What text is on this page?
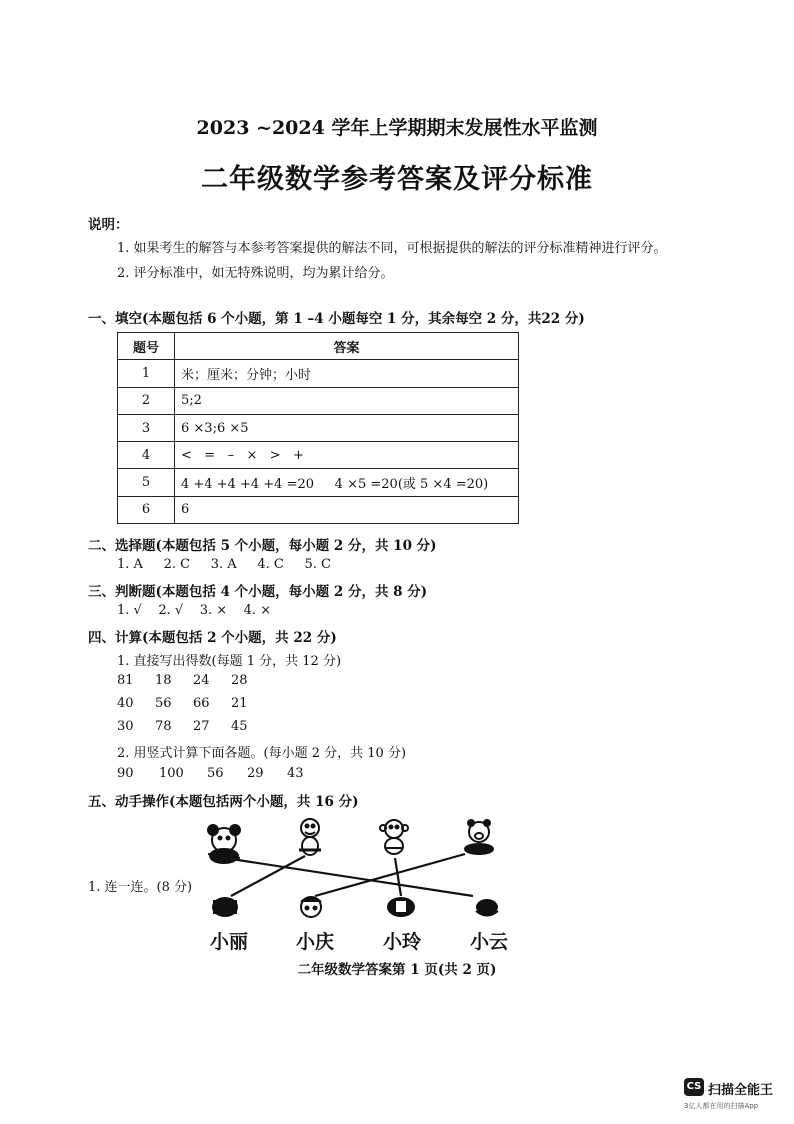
2023 ~2024 学年上学期期末发展性水平监测
二年级数学参考答案及评分标准
说明：
1. 如果考生的解答与本参考答案提供的解法不同，可根据提供的解法的评分标准精神进行评分。
2. 评分标准中，如无特殊说明，均为累计给分。
一、填空(本题包括 6 个小题，第 1 –4 小题每空 1 分，其余每空 2 分，共22 分)
题号	答案
1	米；厘米；分钟；小时
2	5;2
3	6 ×3;6 ×5
4	<   =   –   ×   >   +
5	4 +4 +4 +4 +4 =20     4 ×5 =20(或 5 ×4 =20)
6	6
二、选择题(本题包括 5 个小题，每小题 2 分，共 10 分)
1. A     2. C     3. A     4. C     5. C
三、判断题(本题包括 4 个小题，每小题 2 分，共 8 分)
1. √    2. √    3. ×    4. ×
四、计算(本题包括 2 个小题，共 22 分)
1. 直接写出得数(每题 1 分，共 12 分)
81 18 24 28
40 56 66 21
30 78 27 45
2. 用竖式计算下面各题。(每小题 2 分，共 10 分)
90 100 56 29 43
五、动手操作(本题包括两个小题，共 16 分)
1. 连一连。(8 分)
小丽	小庆	小玲	小云
二年级数学答案第 1 页(共 2 页)
CS 扫描全能王
3亿人都在用的扫描App
